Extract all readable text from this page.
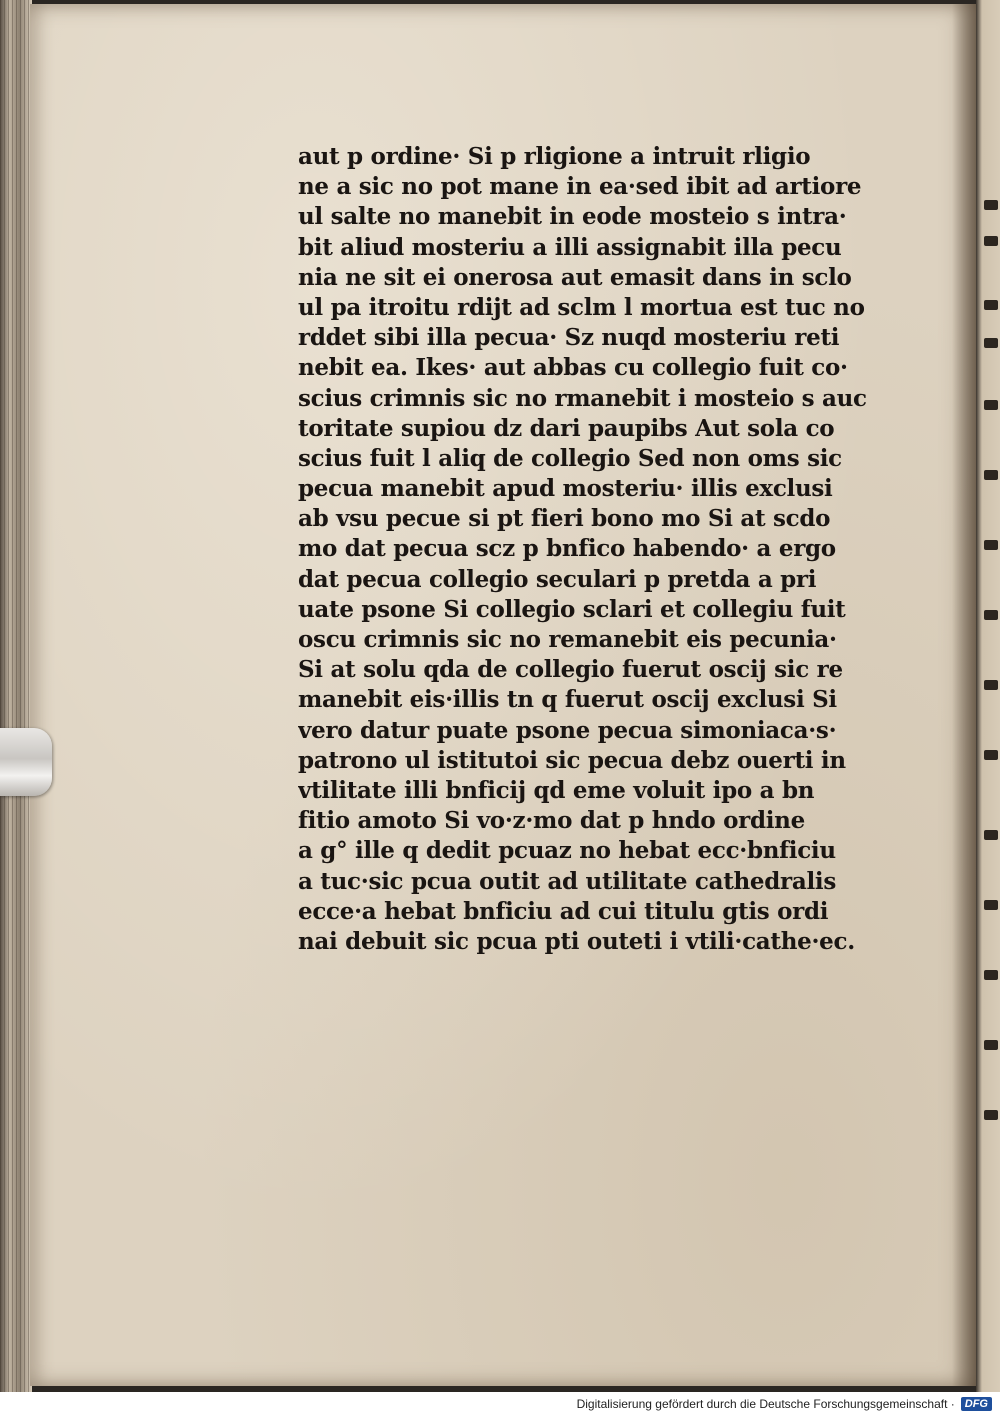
aut p ordine· Si p rligione a intruit rligio
ne a sic no pot mane in ea·sed ibit ad artiore
ul salte no manebit in eode mosteio s intra·
bit aliud mosteriu a illi assignabit illa pecu
nia ne sit ei onerosa aut emasit dans in sclo
ul pa itroitu rdijt ad sclm l mortua est tuc no
rddet sibi illa pecua· Sz nuqd mosteriu reti
nebit ea. Ikes· aut abbas cu collegio fuit co·
scius crimnis sic no rmanebit i mosteio s auc
toritate supiou dz dari paupibs Aut sola co
scius fuit l aliq de collegio Sed non oms sic
pecua manebit apud mosteriu· illis exclusi
ab vsu pecue si pt fieri bono mo Si at scdo
mo dat pecua scz p bnfico habendo· a ergo
dat pecua collegio seculari p pretda a pri
uate psone Si collegio sclari et collegiu fuit
oscu crimnis sic no remanebit eis pecunia·
Si at solu qda de collegio fuerut oscij sic re
manebit eis·illis tn q fuerut oscij exclusi Si
vero datur puate psone pecua simoniaca·s·
patrono ul istitutoi sic pecua debz ouerti in
vtilitate illi bnficij qd eme voluit ipo a bn
fitio amoto Si vo·z·mo dat p hndo ordine
a g° ille q dedit pcuaz no hebat ecc·bnficiu
a tuc·sic pcua outit ad utilitate cathedralis
ecce·a hebat bnficiu ad cui titulu gtis ordi
nai debuit sic pcua pti outeti i vtili·cathe·ec.
Digitalisierung gefördert durch die Deutsche Forschungsgemeinschaft · DFG
